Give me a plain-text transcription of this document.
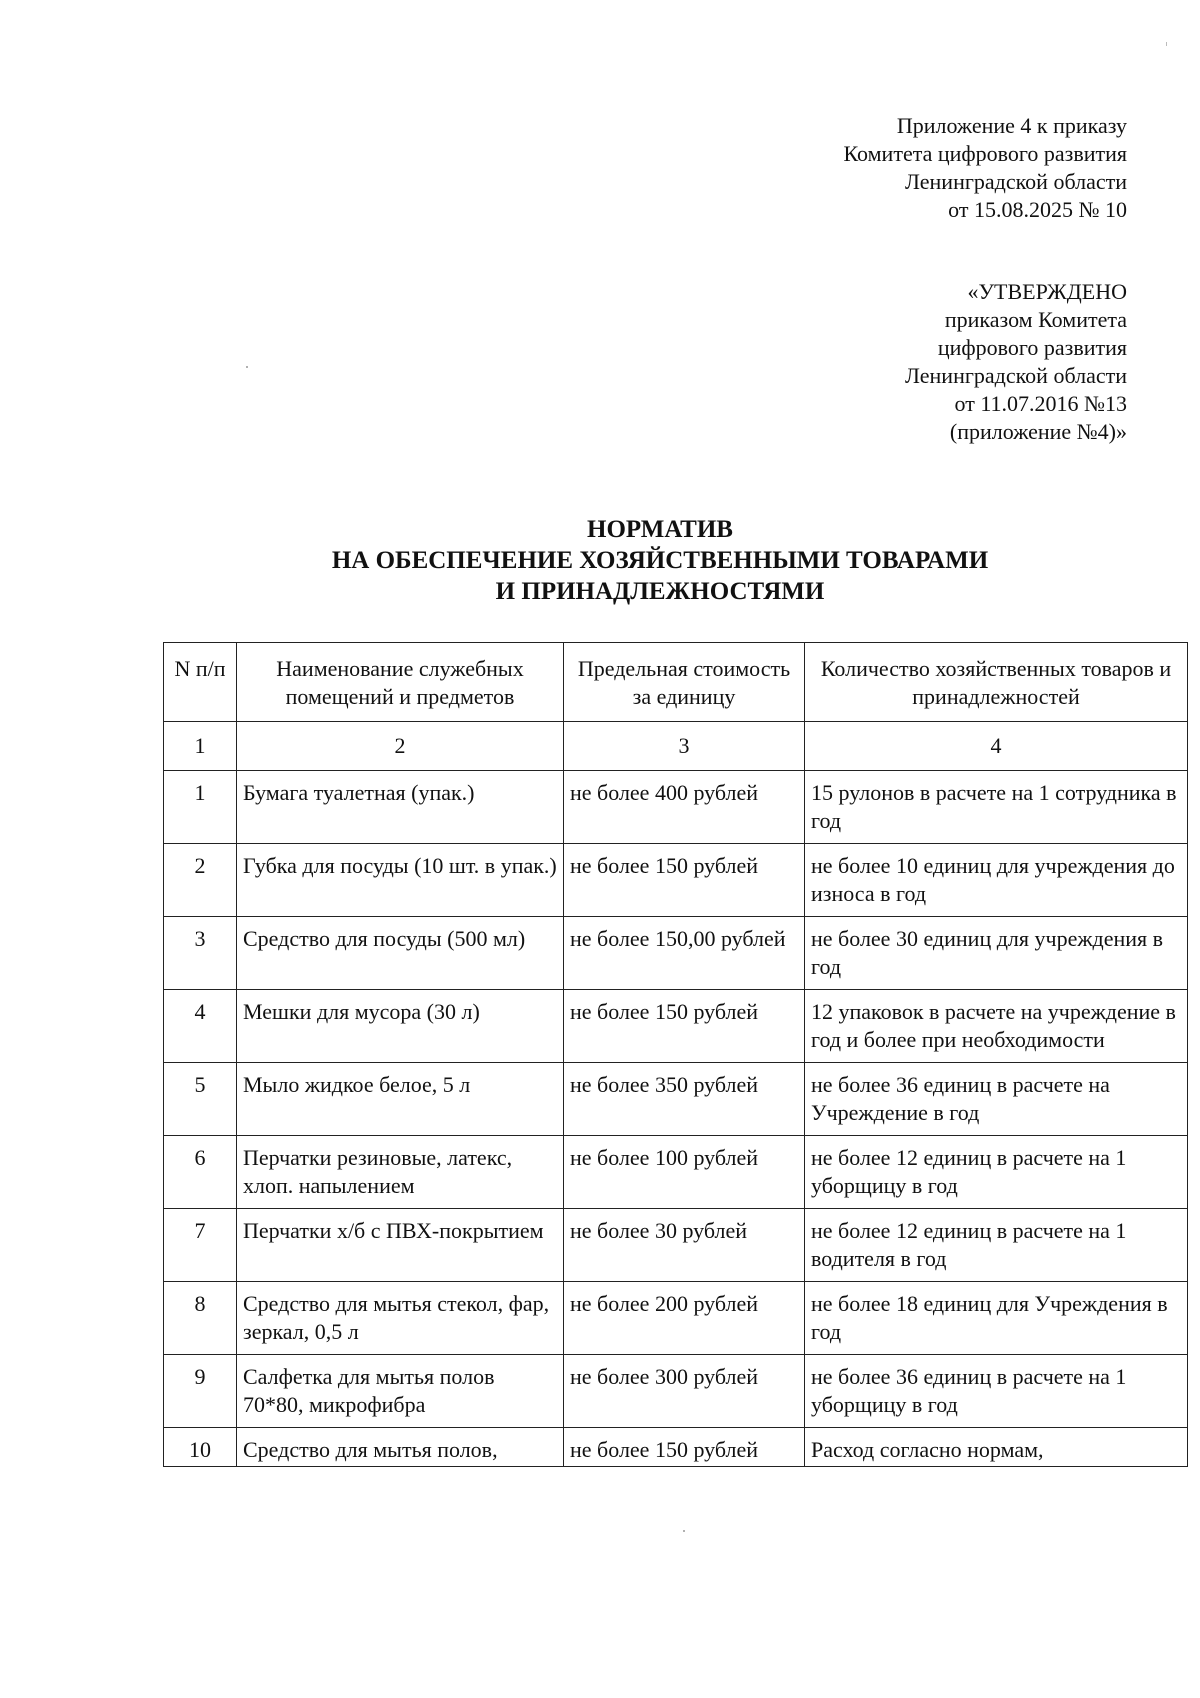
Приложение 4 к приказу
Комитета цифрового развития
Ленинградской области
от 15.08.2025 № 10
«УТВЕРЖДЕНО
приказом Комитета
цифрового развития
Ленинградской области
от 11.07.2016 №13
(приложение №4)»
НОРМАТИВ
НА ОБЕСПЕЧЕНИЕ ХОЗЯЙСТВЕННЫМИ ТОВАРАМИ
И ПРИНАДЛЕЖНОСТЯМИ
N п/п	Наименование служебных помещений и предметов	Предельная стоимость за единицу	Количество хозяйственных товаров и принадлежностей
1	2	3	4
1	Бумага туалетная (упак.)	не более 400 рублей	15 рулонов в расчете на 1 сотрудника в год
2	Губка для посуды (10 шт. в упак.)	не более 150 рублей	не более 10 единиц для учреждения до износа в год
3	Средство для посуды (500 мл)	не более 150,00 рублей	не более 30 единиц для учреждения в год
4	Мешки для мусора (30 л)	не более 150 рублей	12 упаковок в расчете на учреждение в год и более при необходимости
5	Мыло жидкое белое, 5 л	не более 350 рублей	не более 36 единиц в расчете на Учреждение в год
6	Перчатки резиновые, латекс, хлоп. напылением	не более 100 рублей	не более 12 единиц в расчете на 1 уборщицу в год
7	Перчатки х/б с ПВХ-покрытием	не более 30 рублей	не более 12 единиц в расчете на 1 водителя в год
8	Средство для мытья стекол, фар, зеркал, 0,5 л	не более 200 рублей	не более 18 единиц для Учреждения в год
9	Салфетка для мытья полов 70*80, микрофибра	не более 300 рублей	не более 36 единиц в расчете на 1 уборщицу в год
10	Средство для мытья полов,	не более 150 рублей	Расход согласно нормам,
